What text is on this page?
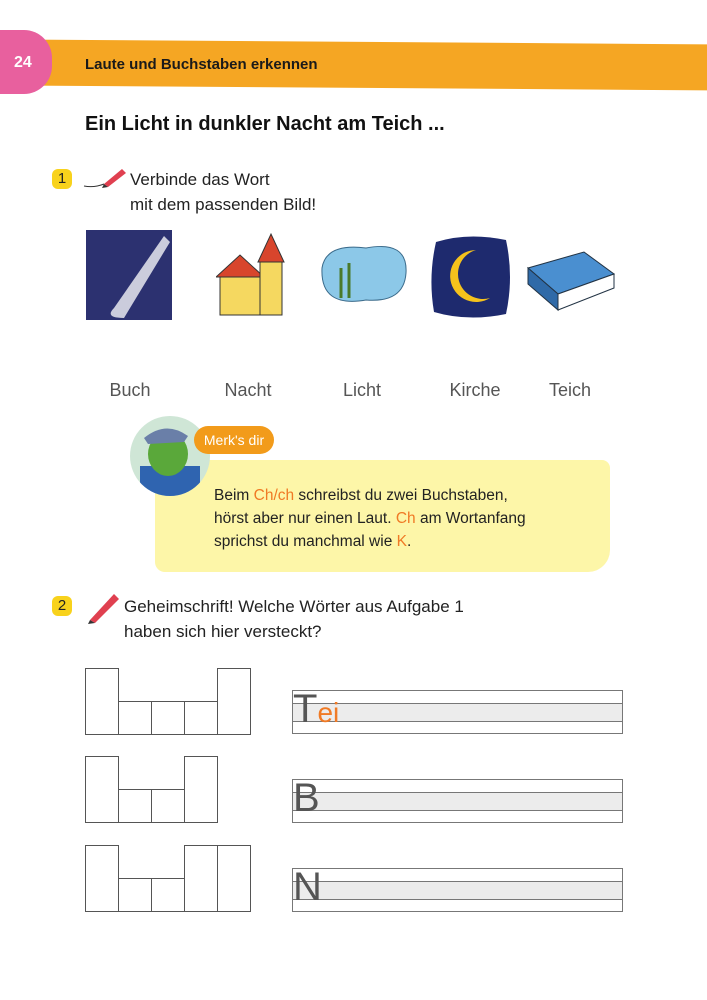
24	Laute und Buchstaben erkennen
Ein Licht in dunkler Nacht am Teich ...
1	Verbinde das Wort
mit dem passenden Bild!
Buch	Nacht	Licht	Kirche	Teich
Merk's dir
Beim Ch/ch schreibst du zwei Buchstaben,
hörst aber nur einen Laut. Ch am Wortanfang
sprichst du manchmal wie K.
2	Geheimschrift! Welche Wörter aus Aufgabe 1
haben sich hier versteckt?
Tei
B
N
